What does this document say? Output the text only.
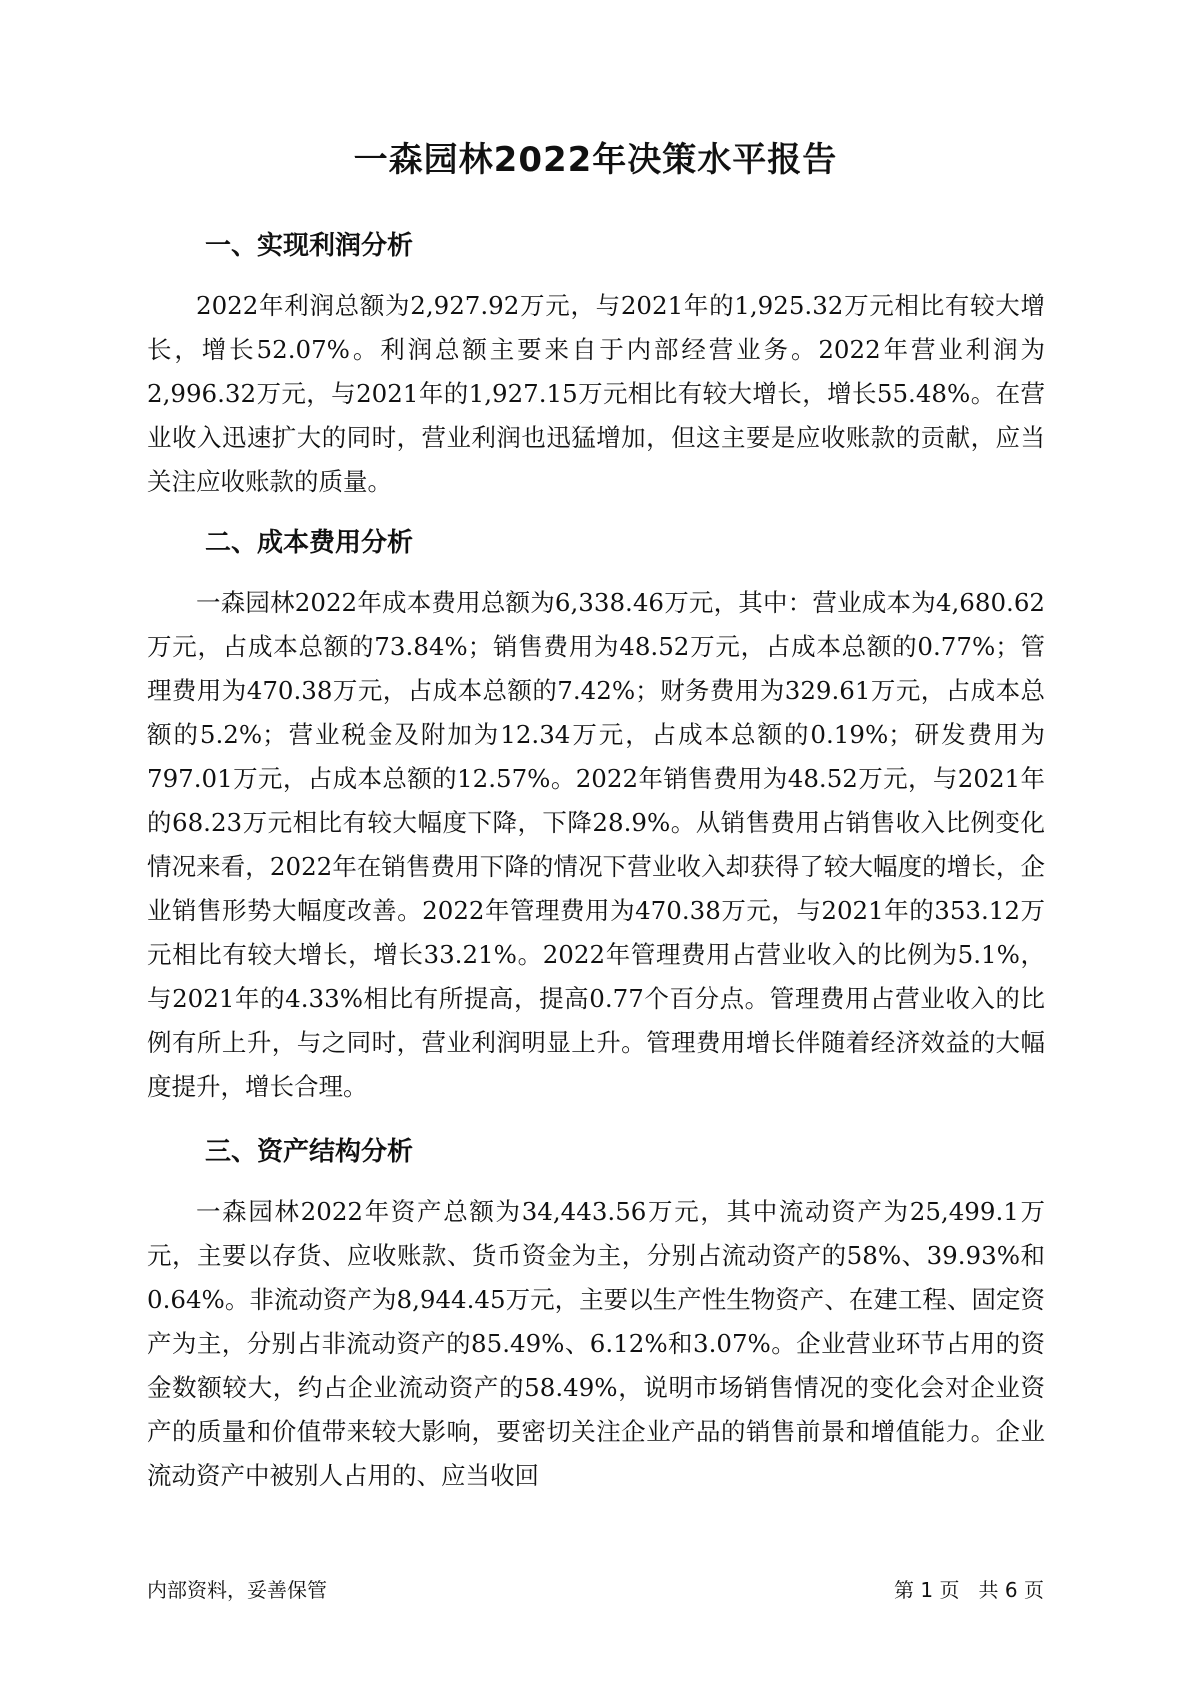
一森园林2022年决策水平报告
一、实现利润分析

2022年利润总额为2,927.92万元，与2021年的1,925.32万元相比有较大增长，增长52.07%。利润总额主要来自于内部经营业务。2022年营业利润为2,996.32万元，与2021年的1,927.15万元相比有较大增长，增长55.48%。在营业收入迅速扩大的同时，营业利润也迅猛增加，但这主要是应收账款的贡献，应当关注应收账款的质量。

二、成本费用分析

一森园林2022年成本费用总额为6,338.46万元，其中：营业成本为4,680.62万元，占成本总额的73.84%；销售费用为48.52万元，占成本总额的0.77%；管理费用为470.38万元，占成本总额的7.42%；财务费用为329.61万元，占成本总额的5.2%；营业税金及附加为12.34万元，占成本总额的0.19%；研发费用为797.01万元，占成本总额的12.57%。2022年销售费用为48.52万元，与2021年的68.23万元相比有较大幅度下降，下降28.9%。从销售费用占销售收入比例变化情况来看，2022年在销售费用下降的情况下营业收入却获得了较大幅度的增长，企业销售形势大幅度改善。2022年管理费用为470.38万元，与2021年的353.12万元相比有较大增长，增长33.21%。2022年管理费用占营业收入的比例为5.1%，与2021年的4.33%相比有所提高，提高0.77个百分点。管理费用占营业收入的比例有所上升，与之同时，营业利润明显上升。管理费用增长伴随着经济效益的大幅度提升，增长合理。

三、资产结构分析

一森园林2022年资产总额为34,443.56万元，其中流动资产为25,499.1万元，主要以存货、应收账款、货币资金为主，分别占流动资产的58%、39.93%和0.64%。非流动资产为8,944.45万元，主要以生产性生物资产、在建工程、固定资产为主，分别占非流动资产的85.49%、6.12%和3.07%。企业营业环节占用的资金数额较大，约占企业流动资产的58.49%，说明市场销售情况的变化会对企业资产的质量和价值带来较大影响，要密切关注企业产品的销售前景和增值能力。企业流动资产中被别人占用的、应当收回

内部资料，妥善保管	第 1 页   共 6 页
